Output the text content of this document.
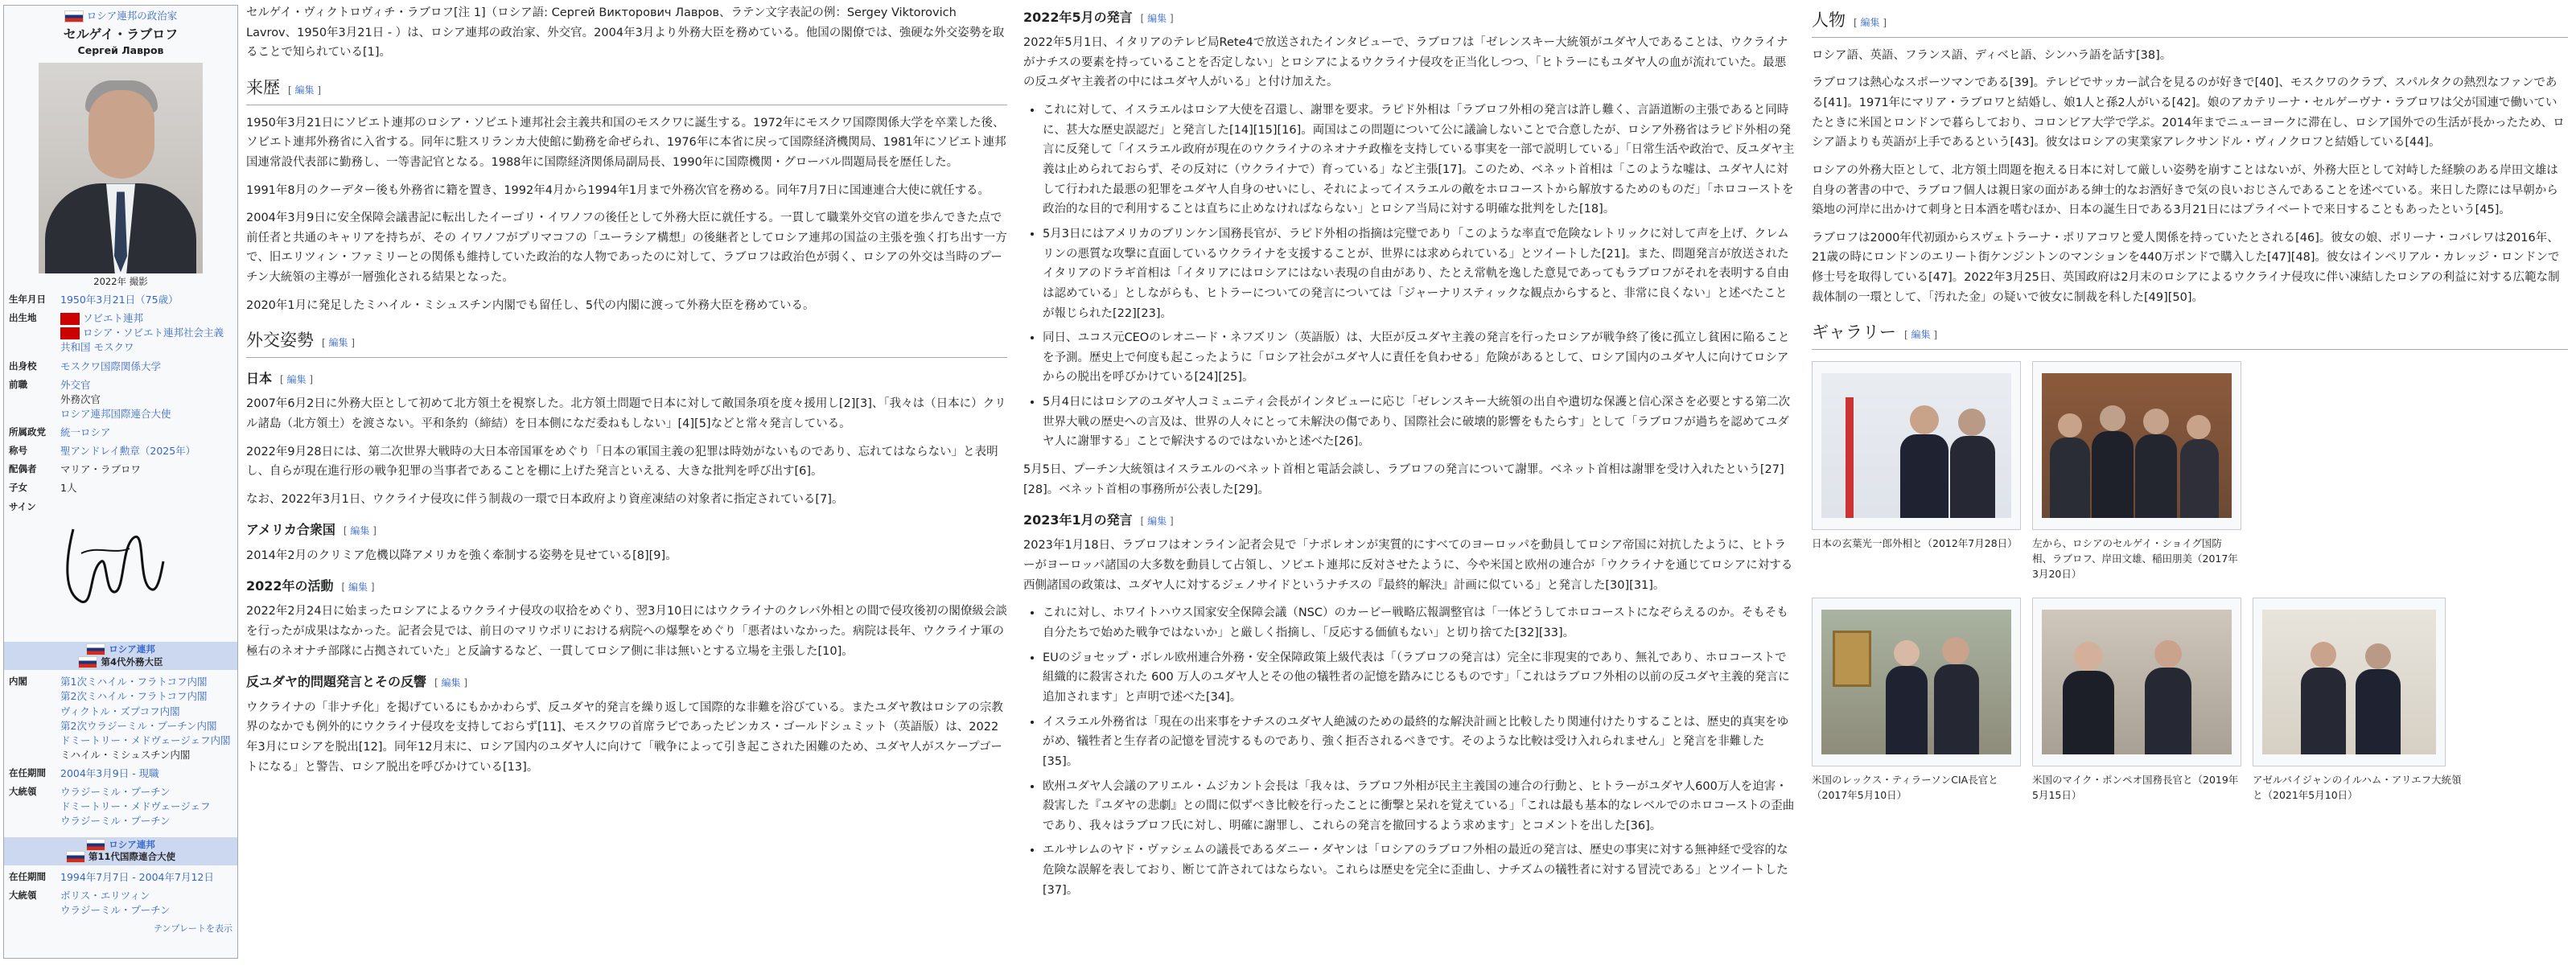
ロシア連邦の政治家
セルゲイ・ラブロフ
Сергей Лавров
2022年 撮影
生年月日	1950年3月21日（75歳）
出生地	ソビエト連邦
ロシア・ソビエト連邦社会主義共和国 モスクワ
出身校	モスクワ国際関係大学
前職	外交官
外務次官
ロシア連邦国際連合大使
所属政党	統一ロシア
称号	聖アンドレイ勲章（2025年）
配偶者	マリア・ラブロワ
子女	1人
サイン
ロシア連邦
第4代外務大臣
内閣	第1次ミハイル・フラトコフ内閣
第2次ミハイル・フラトコフ内閣
ヴィクトル・ズプコフ内閣
第2次ウラジーミル・プーチン内閣
ドミートリー・メドヴェージェフ内閣
ミハイル・ミシュスチン内閣
在任期間	2004年3月9日 - 現職
大統領	ウラジーミル・プーチン
ドミートリー・メドヴェージェフ
ウラジーミル・プーチン
ロシア連邦
第11代国際連合大使
在任期間	1994年7月7日 - 2004年7月12日
大統領	ボリス・エリツィン
ウラジーミル・プーチン
テンプレートを表示

セルゲイ・ヴィクトロヴィチ・ラブロフ[注 1]（ロシア語: Сергей Викторович Лавров、ラテン文字表記の例：Sergey Viktorovich Lavrov、1950年3月21日 - ）は、ロシア連邦の政治家、外交官。2004年3月より外務大臣を務めている。他国の閣僚では、強硬な外交姿勢を取ることで知られている[1]。

来歴 [ 編集 ]

1950年3月21日にソビエト連邦のロシア・ソビエト連邦社会主義共和国のモスクワに誕生する。1972年にモスクワ国際関係大学を卒業した後、ソビエト連邦外務省に入省する。同年に駐スリランカ大使館に勤務を命ぜられ、1976年に本省に戻って国際経済機関局、1981年にソビエト連邦国連常設代表部に勤務し、一等書記官となる。1988年に国際経済関係局副局長、1990年に国際機関・グローバル問題局長を歴任した。

1991年8月のクーデター後も外務省に籍を置き、1992年4月から1994年1月まで外務次官を務める。同年7月7日に国連連合大使に就任する。

2004年3月9日に安全保障会議書記に転出したイーゴリ・イワノフの後任として外務大臣に就任する。一貫して職業外交官の道を歩んできた点で前任者と共通のキャリアを持ちが、その イワノフがプリマコフの「ユーラシア構想」の後継者としてロシア連邦の国益の主張を強く打ち出す一方で、旧エリツィン・ファミリーとの関係も維持していた政治的な人物であったのに対して、ラブロフは政治色が弱く、ロシアの外交は当時のプーチン大統領の主導が一層強化される結果となった。

2020年1月に発足したミハイル・ミシュスチン内閣でも留任し、5代の内閣に渡って外務大臣を務めている。

外交姿勢 [ 編集 ]
日本 [ 編集 ]

2007年6月2日に外務大臣として初めて北方領土を視察した。北方領土問題で日本に対して敵国条項を度々援用し[2][3]、「我々は（日本に）クリル諸島（北方領土）を渡さない。平和条約（締結）を日本側になだ委ねもしない」[4][5]などと常々発言している。

2022年9月28日には、第二次世界大戦時の大日本帝国軍をめぐり「日本の軍国主義の犯罪は時効がないものであり、忘れてはならない」と表明し、自らが現在進行形の戦争犯罪の当事者であることを棚に上げた発言といえる、大きな批判を呼び出す[6]。

なお、2022年3月1日、ウクライナ侵攻に伴う制裁の一環で日本政府より資産凍結の対象者に指定されている[7]。

アメリカ合衆国 [ 編集 ]

2014年2月のクリミア危機以降アメリカを強く牽制する姿勢を見せている[8][9]。

2022年の活動 [ 編集 ]

2022年2月24日に始まったロシアによるウクライナ侵攻の収拾をめぐり、翌3月10日にはウクライナのクレバ外相との間で侵攻後初の閣僚級会談を行ったが成果はなかった。記者会見では、前日のマリウポリにおける病院への爆撃をめぐり「悪者はいなかった。病院は長年、ウクライナ軍の極右のネオナチ部隊に占拠されていた」と反論するなど、一貫してロシア側に非は無いとする立場を主張した[10]。

反ユダヤ的問題発言とその反響 [ 編集 ]

ウクライナの「非ナチ化」を掲げているにもかかわらず、反ユダヤ的発言を繰り返して国際的な非難を浴びている。またユダヤ教はロシアの宗教界のなかでも例外的にウクライナ侵攻を支持しておらず[11]、モスクワの首席ラビであったピンカス・ゴールドシュミット（英語版）は、2022年3月にロシアを脱出[12]。同年12月末に、ロシア国内のユダヤ人に向けて「戦争によって引き起こされた困難のため、ユダヤ人がスケープゴートになる」と警告、ロシア脱出を呼びかけている[13]。

2022年5月の発言 [ 編集 ]

2022年5月1日、イタリアのテレビ局Rete4で放送されたインタビューで、ラブロフは「ゼレンスキー大統領がユダヤ人であることは、ウクライナがナチスの要素を持っていることを否定しない」とロシアによるウクライナ侵攻を正当化しつつ、「ヒトラーにもユダヤ人の血が流れていた。最悪の反ユダヤ主義者の中にはユダヤ人がいる」と付け加えた。

• これに対して、イスラエルはロシア大使を召還し、謝罪を要求。ラピド外相は「ラブロフ外相の発言は許し難く、言語道断の主張であると同時に、甚大な歴史誤認だ」と発言した[14][15][16]。両国はこの問題について公に議論しないことで合意したが、ロシア外務省はラピド外相の発言に反発して「イスラエル政府が現在のウクライナのネオナチ政権を支持している事実を一部で説明している」「日常生活や政治で、反ユダヤ主義は止められておらず、その反対に（ウクライナで）育っている」など主張[17]。このため、ベネット首相は「このような嘘は、ユダヤ人に対して行われた最悪の犯罪をユダヤ人自身のせいにし、それによってイスラエルの敵をホロコーストから解放するためのものだ」「ホロコーストを政治的な目的で利用することは直ちに止めなければならない」とロシア当局に対する明確な批判をした[18]。
• 5月3日にはアメリカのブリンケン国務長官が、ラピド外相の指摘は完璧であり「このような率直で危険なレトリックに対して声を上げ、クレムリンの悪質な攻撃に直面しているウクライナを支援することが、世界には求められている」とツイートした[21]。また、問題発言が放送されたイタリアのドラギ首相は「イタリアにはロシアにはない表現の自由があり、たとえ常軌を逸した意見であってもラブロフがそれを表明する自由は認めている」としながらも、ヒトラーについての発言については「ジャーナリスティックな観点からすると、非常に良くない」と述べたことが報じられた[22][23]。
• 同日、ユコス元CEOのレオニード・ネフズリン（英語版）は、大臣が反ユダヤ主義の発言を行ったロシアが戦争終了後に孤立し貧困に陥ることを予測。歴史上で何度も起こったように「ロシア社会がユダヤ人に責任を負わせる」危険があるとして、ロシア国内のユダヤ人に向けてロシアからの脱出を呼びかけている[24][25]。
• 5月4日にはロシアのユダヤ人コミュニティ会長がインタビューに応じ「ゼレンスキー大統領の出自や遺切な保護と信心深さを必要とする第二次世界大戦の歴史への言及は、世界の人々にとって未解決の傷であり、国際社会に破壊的影響をもたらす」として「ラブロフが過ちを認めてユダヤ人に謝罪する」ことで解決するのではないかと述べた[26]。

5月5日、プーチン大統領はイスラエルのベネット首相と電話会談し、ラブロフの発言について謝罪。ベネット首相は謝罪を受け入れたという[27][28]。ベネット首相の事務所が公表した[29]。

2023年1月の発言 [ 編集 ]

2023年1月18日、ラブロフはオンライン記者会見で「ナポレオンが実質的にすべてのヨーロッパを動員してロシア帝国に対抗したように、ヒトラーがヨーロッパ諸国の大多数を動員して占領し、ソビエト連邦に反対させたように、今や米国と欧州の連合が「ウクライナを通じてロシアに対する西側諸国の政策は、ユダヤ人に対するジェノサイドというナチスの『最終的解決』計画に似ている」と発言した[30][31]。

• これに対し、ホワイトハウス国家安全保障会議（NSC）のカービー戦略広報調整官は「一体どうしてホロコーストになぞらえるのか。そもそも自分たちで始めた戦争ではないか」と厳しく指摘し、「反応する価値もない」と切り捨てた[32][33]。
• EUのジョセップ・ボレル欧州連合外務・安全保障政策上級代表は「（ラブロフの発言は）完全に非現実的であり、無礼であり、ホロコーストで組織的に殺害された 600 万人のユダヤ人とその他の犠牲者の記憶を踏みにじるものです」「これはラブロフ外相の以前の反ユダヤ主義的発言に追加されます」と声明で述べた[34]。
• イスラエル外務省は「現在の出来事をナチスのユダヤ人絶滅のための最終的な解決計画と比較したり関連付けたりすることは、歴史的真実をゆがめ、犠牲者と生存者の記憶を冒涜するものであり、強く拒否されるべきです。そのような比較は受け入れられません」と発言を非難した[35]。
• 欧州ユダヤ人会議のアリエル・ムジカント会長は「我々は、ラブロフ外相が民主主義国の連合の行動と、ヒトラーがユダヤ人600万人を迫害・殺害した『ユダヤの悲劇』との間に似ずべき比較を行ったことに衝撃と呆れを覚えている」「これは最も基本的なレベルでのホロコーストの歪曲であり、我々はラブロフ氏に対し、明確に謝罪し、これらの発言を撤回するよう求めます」とコメントを出した[36]。
• エルサレムのヤド・ヴァシェムの議長であるダニー・ダヤンは「ロシアのラブロフ外相の最近の発言は、歴史の事実に対する無神経で受容的な危険な誤解を表しており、断じて許されてはならない。これらは歴史を完全に歪曲し、ナチズムの犠牲者に対する冒涜である」とツイートした[37]。
人物 [ 編集 ]

ロシア語、英語、フランス語、ディベヒ語、シンハラ語を話す[38]。

ラブロフは熱心なスポーツマンである[39]。テレビでサッカー試合を見るのが好きで[40]、モスクワのクラブ、スパルタクの熱烈なファンである[41]。1971年にマリア・ラブロワと結婚し、娘1人と孫2人がいる[42]。娘のアカテリーナ・セルゲーヴナ・ラブロワは父が国連で働いていたときに米国とロンドンで暮らしており、コロンビア大学で学ぶ。2014年までニューヨークに滞在し、ロシア国外での生活が長かったため、ロシア語よりも英語が上手であるという[43]。彼女はロシアの実業家アレクサンドル・ヴィノクロフと結婚している[44]。

ロシアの外務大臣として、北方領土問題を抱える日本に対して厳しい姿勢を崩すことはないが、外務大臣として対峙した経験のある岸田文雄は自身の著書の中で、ラブロフ個人は親日家の面がある紳士的なお酒好きで気の良いおじさんであることを述べている。来日した際には早朝から築地の河岸に出かけて刺身と日本酒を嗜むほか、日本の誕生日である3月21日にはプライベートで来日することもあったという[45]。

ラブロフは2000年代初頭からスヴェトラーナ・ポリアコワと愛人関係を持っていたとされる[46]。彼女の娘、ポリーナ・コバレワは2016年、21歳の時にロンドンのエリート街ケンジントンのマンションを440万ポンドで購入した[47][48]。彼女はインペリアル・カレッジ・ロンドンで修士号を取得している[47]。2022年3月25日、英国政府は2月末のロシアによるウクライナ侵攻に伴い凍結したロシアの利益に対する広範な制裁体制の一環として、「汚れた金」の疑いで彼女に制裁を科した[49][50]。

ギャラリー [ 編集 ]
日本の玄葉光一郎外相と（2012年7月28日）	左から、ロシアのセルゲイ・ショイグ国防相、ラブロフ、岸田文雄、稲田朋美（2017年3月20日）
米国のレックス・ティラーソンCIA長官と（2017年5月10日）
米国のマイク・ポンペオ国務長官と（2019年5月15日）
アゼルバイジャンのイルハム・アリエフ大統領と（2021年5月10日）
